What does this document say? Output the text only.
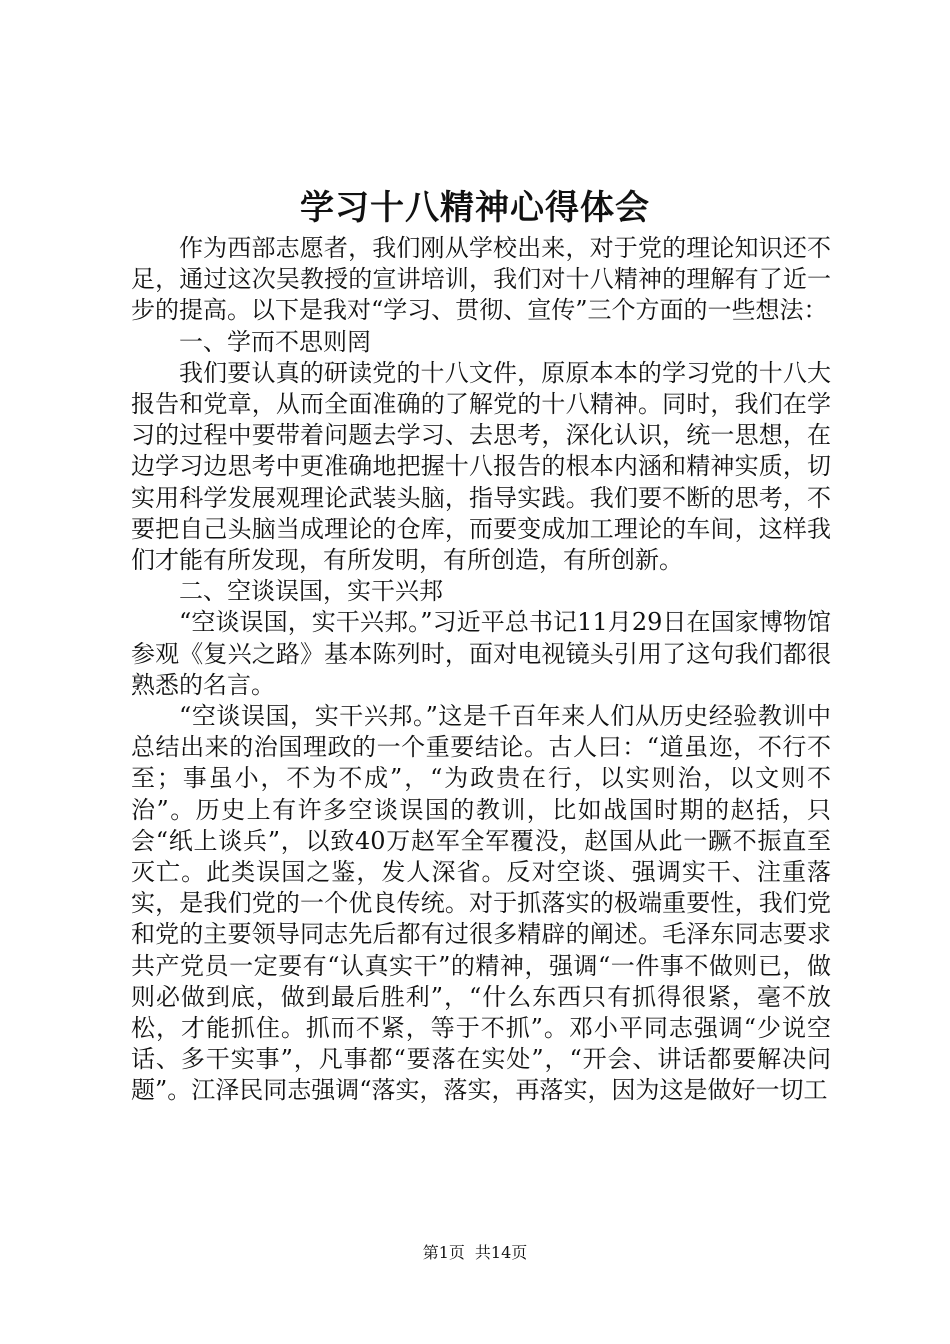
学习十八精神心得体会

作为西部志愿者，我们刚从学校出来，对于党的理论知识还不足，通过这次吴教授的宣讲培训，我们对十八精神的理解有了近一步的提高。以下是我对“学习、贯彻、宣传”三个方面的一些想法：

一、学而不思则罔

我们要认真的研读党的十八文件，原原本本的学习党的十八大报告和党章，从而全面准确的了解党的十八精神。同时，我们在学习的过程中要带着问题去学习、去思考，深化认识，统一思想，在边学习边思考中更准确地把握十八报告的根本内涵和精神实质，切实用科学发展观理论武装头脑，指导实践。我们要不断的思考，不要把自己头脑当成理论的仓库，而要变成加工理论的车间，这样我们才能有所发现，有所发明，有所创造，有所创新。

二、空谈误国，实干兴邦

“空谈误国，实干兴邦。”习近平总书记11月29日在国家博物馆参观《复兴之路》基本陈列时，面对电视镜头引用了这句我们都很熟悉的名言。

“空谈误国，实干兴邦。”这是千百年来人们从历史经验教训中总结出来的治国理政的一个重要结论。古人曰：“道虽迩，不行不至；事虽小，不为不成”，“为政贵在行，以实则治，以文则不治”。历史上有许多空谈误国的教训，比如战国时期的赵括，只会“纸上谈兵”，以致40万赵军全军覆没，赵国从此一蹶不振直至灭亡。此类误国之鉴，发人深省。反对空谈、强调实干、注重落实，是我们党的一个优良传统。对于抓落实的极端重要性，我们党和党的主要领导同志先后都有过很多精辟的阐述。毛泽东同志要求共产党员一定要有“认真实干”的精神，强调“一件事不做则已，做则必做到底，做到最后胜利”，“什么东西只有抓得很紧，毫不放松，才能抓住。抓而不紧，等于不抓”。邓小平同志强调“少说空话、多干实事”，凡事都“要落在实处”，“开会、讲话都要解决问题”。江泽民同志强调“落实，落实，再落实，因为这是做好一切工

第1页 共14页
